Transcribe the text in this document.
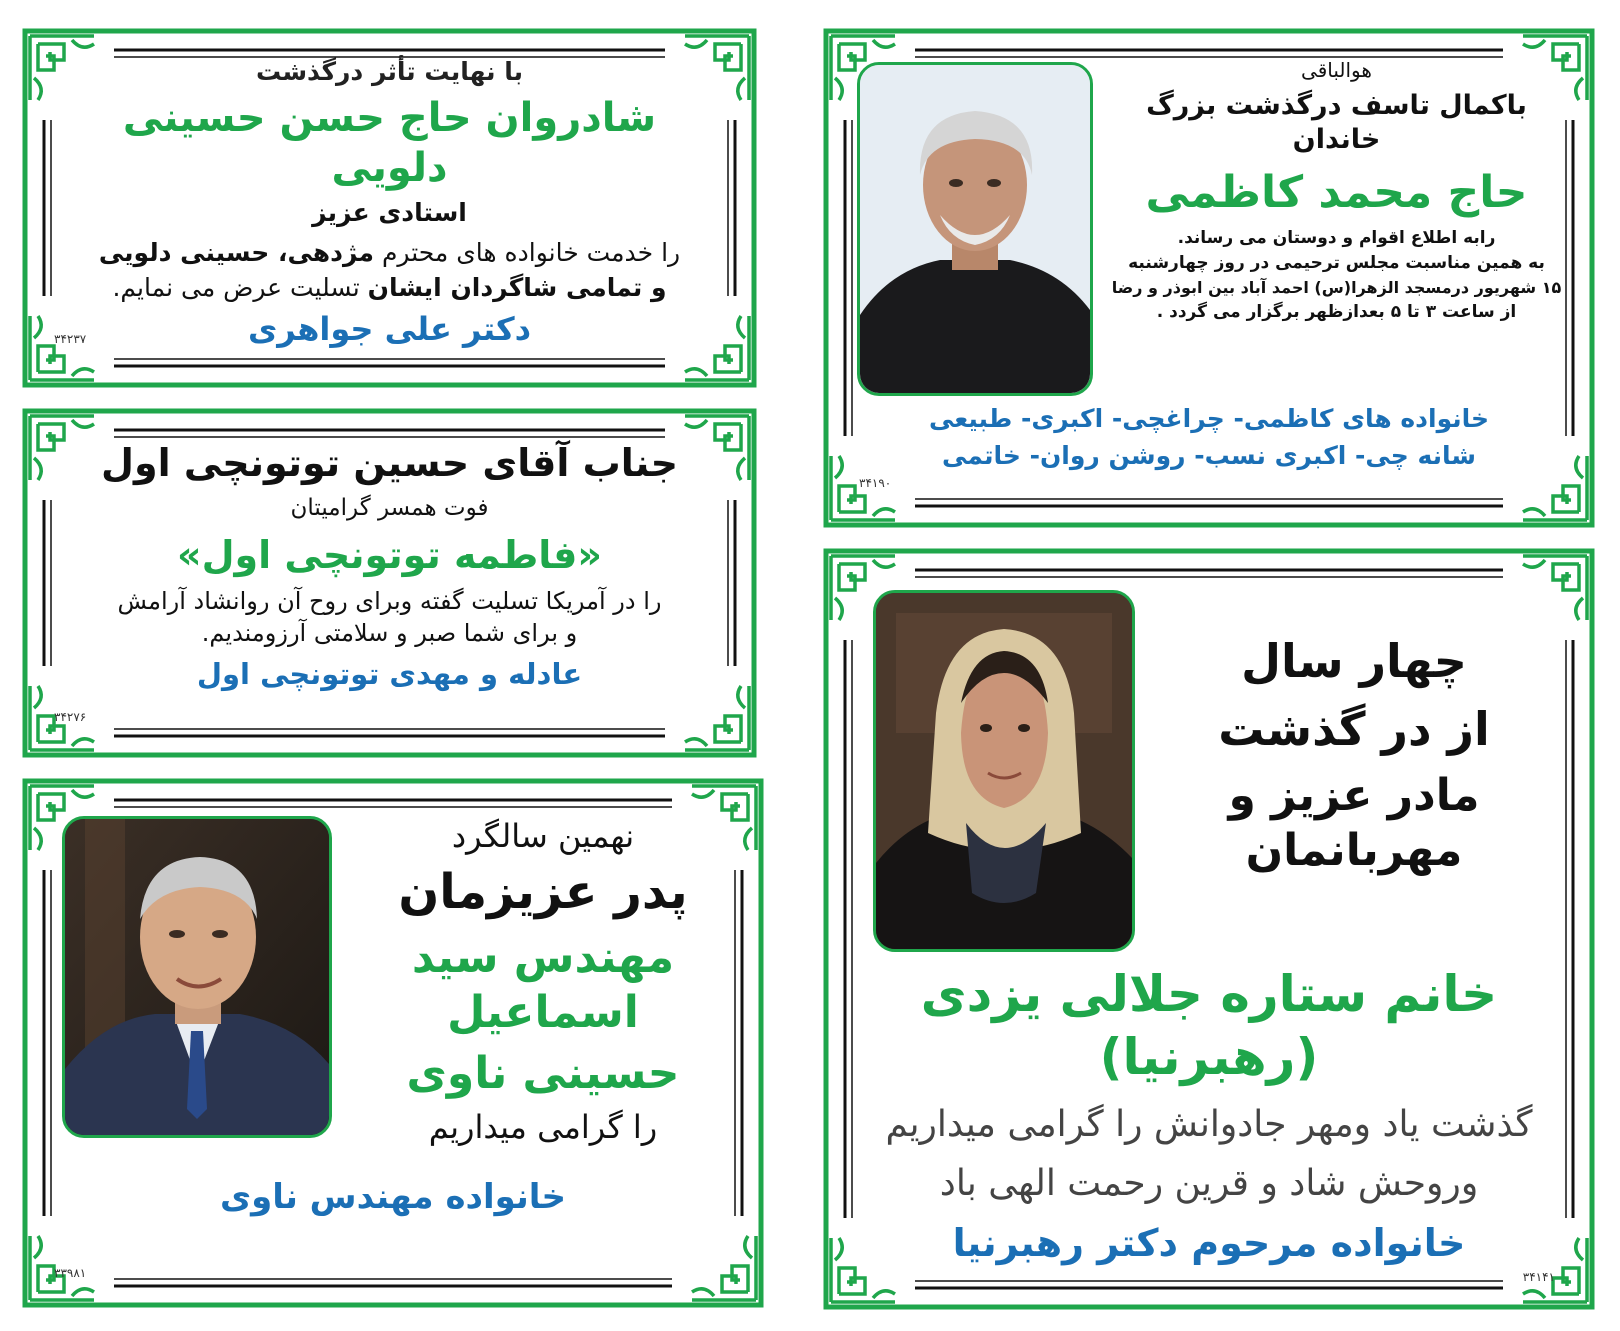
با نهایت تأثر درگذشت
شادروان حاج حسن حسینی دلویی
استادی عزیز
را خدمت خانواده های محترم مژدهی، حسینی دلویی
و تمامی شاگردان ایشان تسلیت عرض می نمایم.
دکتر علی جواهری
۳۴۲۳۷
جناب آقای حسین توتونچی اول
فوت همسر گرامیتان
«فاطمه توتونچی اول»
را در آمریکا تسلیت گفته وبرای روح آن روانشاد آرامش
و برای شما صبر و سلامتی آرزومندیم.
عادله و مهدی توتونچی اول
۳۴۲۷۶
نهمین سالگرد
پدر عزیزمان
مهندس سید اسماعیل
حسینی ناوی
را گرامی میداریم
خانواده مهندس ناوی
۳۳۹۸۱
هوالباقی
باکمال تاسف درگذشت بزرگ خاندان
حاج محمد کاظمی
رابه اطلاع اقوام و دوستان می رساند.
به همین مناسبت مجلس ترحیمی در روز چهارشنبه
۱۵ شهریور درمسجد الزهرا(س) احمد آباد بین ابوذر و رضا
از ساعت ۳ تا ۵ بعدازظهر برگزار می گردد .
خانواده های کاظمی- چراغچی- اکبری- طبیعی
شانه چی- اکبری نسب- روشن روان- خاتمی
۳۴۱۹۰
چهار سال
از در گذشت
مادر عزیز و مهربانمان
خانم ستاره جلالی یزدی (رهبرنیا)
گذشت یاد ومهر جادوانش را گرامی میداریم
وروحش شاد و قرین رحمت الهی باد
خانواده مرحوم دکتر رهبرنیا
۳۴۱۴۱
